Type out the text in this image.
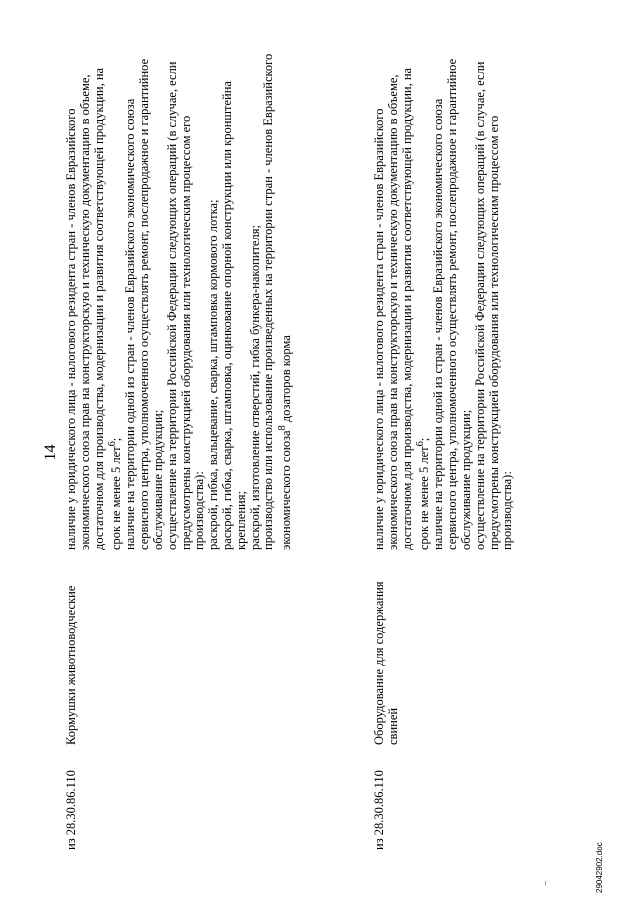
14
из 28.30.86.110
Кормушки животноводческие

наличие у юридического лица - налогового резидента стран - членов Евразийского экономического союза прав на конструкторскую и техническую документацию в объеме, достаточном для производства, модернизации и развития соответствующей продукции, на срок не менее 5 лет$^6$; наличие на территории одной из стран - членов Евразийского экономического союза сервисного центра, уполномоченного осуществлять ремонт, послепродажное и гарантийное обслуживание продукции; осуществление на территории Российской Федерации следующих операций (в случае, если предусмотрены конструкцией оборудования или технологическим процессом его производства): раскрой, гибка, вальцевание, сварка, штамповка кормового лотка; раскрой, гибка, сварка, штамповка, оцинкование опорной конструкции или кронштейна крепления; раскрой, изготовление отверстий, гибка бункера-накопителя; производство или использование произведенных на территории стран - членов Евразийского экономического союза$^8$ дозаторов корма

из 28.30.86.110
Оборудование для содержания свиней

наличие у юридического лица - налогового резидента стран - членов Евразийского экономического союза прав на конструкторскую и техническую документацию в объеме, достаточном для производства, модернизации и развития соответствующей продукции, на срок не менее 5 лет$^6$; наличие на территории одной из стран - членов Евразийского экономического союза сервисного центра, уполномоченного осуществлять ремонт, послепродажное и гарантийное обслуживание продукции; осуществление на территории Российской Федерации следующих операций (в случае, если предусмотрены конструкцией оборудования или технологическим процессом его производства):

29042902.doc
